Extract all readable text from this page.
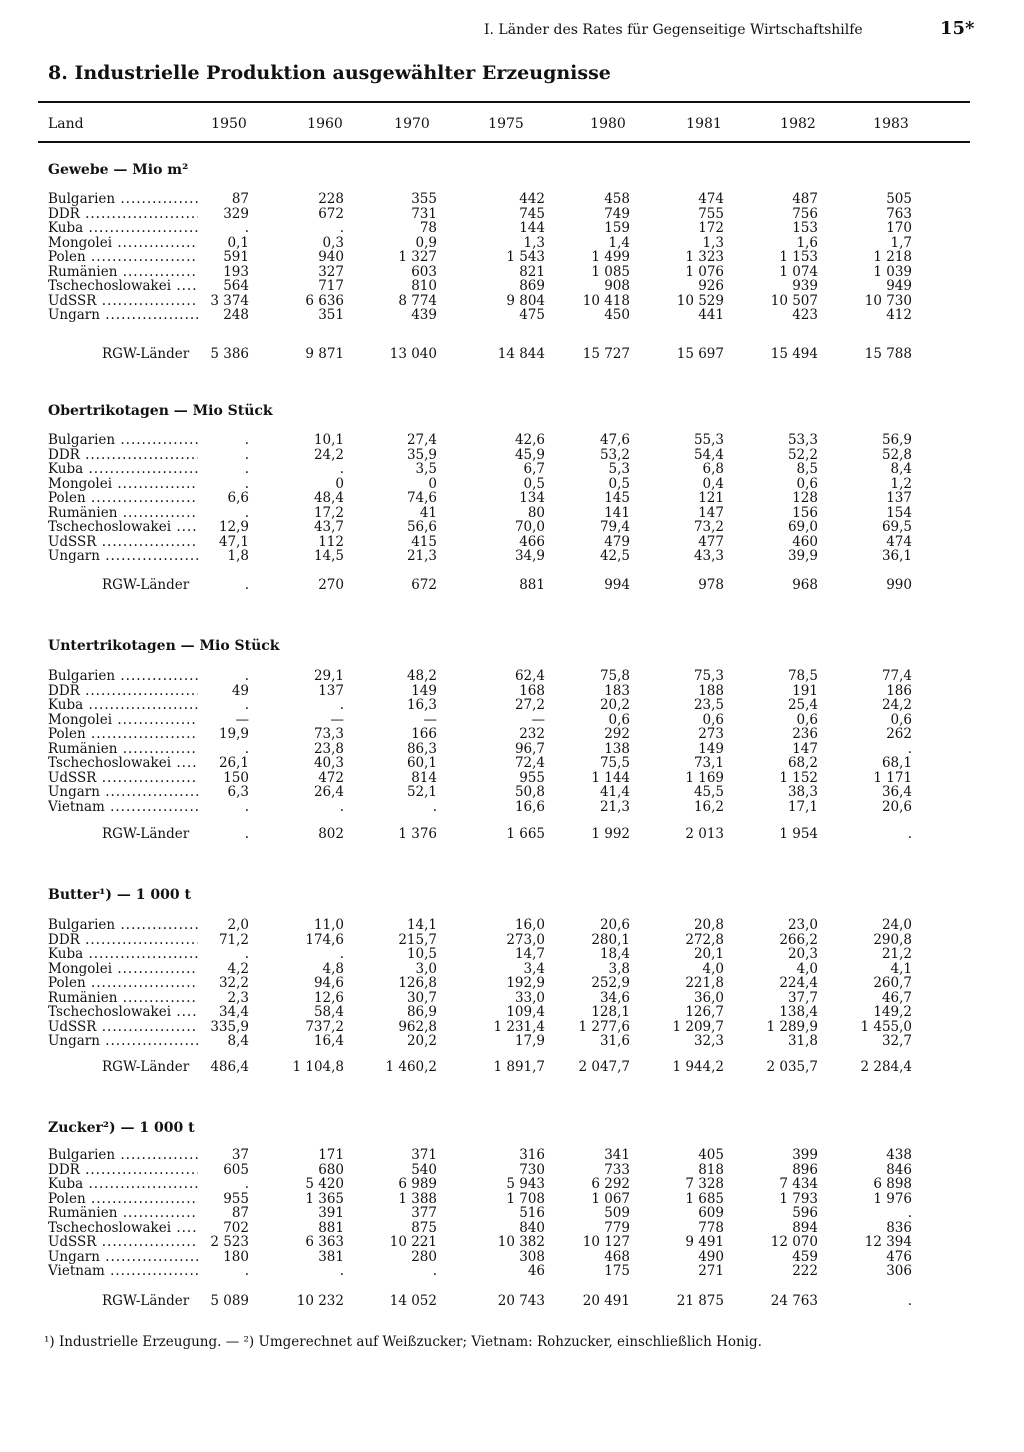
I. Länder des Rates für Gegenseitige Wirtschaftshilfe	15*
8. Industrielle Produktion ausgewählter Erzeugnisse
Land	1950	1960	1970	1975	1980	1981	1982	1983
Gewebe — Mio m²
Bulgarien .....	87	228	355	442	458	474	487	505
DDR .....	329	672	731	745	749	755	756	763
Kuba .....	.	.	78	144	159	172	153	170
Mongolei .....	0,1	0,3	0,9	1,3	1,4	1,3	1,6	1,7
Polen .....	591	940	1 327	1 543	1 499	1 323	1 153	1 218
Rumänien .....	193	327	603	821	1 085	1 076	1 074	1 039
Tschechoslowakei .....	564	717	810	869	908	926	939	949
UdSSR .....	3 374	6 636	8 774	9 804	10 418	10 529	10 507	10 730
Ungarn .....	248	351	439	475	450	441	423	412
RGW-Länder	5 386	9 871	13 040	14 844	15 727	15 697	15 494	15 788
Obertrikotagen — Mio Stück
Bulgarien .....	.	10,1	27,4	42,6	47,6	55,3	53,3	56,9
DDR .....	.	24,2	35,9	45,9	53,2	54,4	52,2	52,8
Kuba .....	.	.	3,5	6,7	5,3	6,8	8,5	8,4
Mongolei .....	.	0	0	0,5	0,5	0,4	0,6	1,2
Polen .....	6,6	48,4	74,6	134	145	121	128	137
Rumänien .....	.	17,2	41	80	141	147	156	154
Tschechoslowakei .....	12,9	43,7	56,6	70,0	79,4	73,2	69,0	69,5
UdSSR .....	47,1	112	415	466	479	477	460	474
Ungarn .....	1,8	14,5	21,3	34,9	42,5	43,3	39,9	36,1
RGW-Länder	.	270	672	881	994	978	968	990
Untertrikotagen — Mio Stück
Bulgarien .....	.	29,1	48,2	62,4	75,8	75,3	78,5	77,4
DDR .....	49	137	149	168	183	188	191	186
Kuba .....	.	.	16,3	27,2	20,2	23,5	25,4	24,2
Mongolei .....	—	—	—	—	0,6	0,6	0,6	0,6
Polen .....	19,9	73,3	166	232	292	273	236	262
Rumänien .....	.	23,8	86,3	96,7	138	149	147	.
Tschechoslowakei .....	26,1	40,3	60,1	72,4	75,5	73,1	68,2	68,1
UdSSR .....	150	472	814	955	1 144	1 169	1 152	1 171
Ungarn .....	6,3	26,4	52,1	50,8	41,4	45,5	38,3	36,4
Vietnam .....	.	.	.	16,6	21,3	16,2	17,1	20,6
RGW-Länder	.	802	1 376	1 665	1 992	2 013	1 954	.
Butter¹) — 1 000 t
Bulgarien .....	2,0	11,0	14,1	16,0	20,6	20,8	23,0	24,0
DDR .....	71,2	174,6	215,7	273,0	280,1	272,8	266,2	290,8
Kuba .....	.	.	10,5	14,7	18,4	20,1	20,3	21,2
Mongolei .....	4,2	4,8	3,0	3,4	3,8	4,0	4,0	4,1
Polen .....	32,2	94,6	126,8	192,9	252,9	221,8	224,4	260,7
Rumänien .....	2,3	12,6	30,7	33,0	34,6	36,0	37,7	46,7
Tschechoslowakei .....	34,4	58,4	86,9	109,4	128,1	126,7	138,4	149,2
UdSSR .....	335,9	737,2	962,8	1 231,4	1 277,6	1 209,7	1 289,9	1 455,0
Ungarn .....	8,4	16,4	20,2	17,9	31,6	32,3	31,8	32,7
RGW-Länder	486,4	1 104,8	1 460,2	1 891,7	2 047,7	1 944,2	2 035,7	2 284,4
Zucker²) — 1 000 t
Bulgarien .....	37	171	371	316	341	405	399	438
DDR .....	605	680	540	730	733	818	896	846
Kuba .....	.	5 420	6 989	5 943	6 292	7 328	7 434	6 898
Polen .....	955	1 365	1 388	1 708	1 067	1 685	1 793	1 976
Rumänien .....	87	391	377	516	509	609	596	.
Tschechoslowakei .....	702	881	875	840	779	778	894	836
UdSSR .....	2 523	6 363	10 221	10 382	10 127	9 491	12 070	12 394
Ungarn .....	180	381	280	308	468	490	459	476
Vietnam .....	.	.	.	46	175	271	222	306
RGW-Länder	5 089	10 232	14 052	20 743	20 491	21 875	24 763	.
¹) Industrielle Erzeugung. — ²) Umgerechnet auf Weißzucker; Vietnam: Rohzucker, einschließlich Honig.
